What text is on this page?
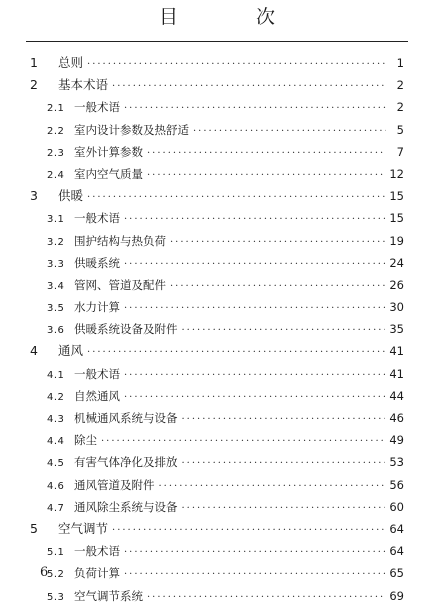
目 次
1	总则 ·····	1
2	基本术语 ·····	2
2.1 一般术语 ·····	2
2.2 室内设计参数及热舒适 ·····	5
2.3 室外计算参数 ·····	7
2.4 室内空气质量 ·····	12
3	供暖 ·····	15
3.1 一般术语 ·····	15
3.2 围护结构与热负荷 ·····	19
3.3 供暖系统 ·····	24
3.4 管网、管道及配件 ·····	26
3.5 水力计算 ·····	30
3.6 供暖系统设备及附件 ·····	35
4	通风 ·····	41
4.1 一般术语 ·····	41
4.2 自然通风 ·····	44
4.3 机械通风系统与设备 ·····	46
4.4 除尘 ·····	49
4.5 有害气体净化及排放 ·····	53
4.6 通风管道及附件 ·····	56
4.7 通风除尘系统与设备 ·····	60
5	空气调节 ·····	64
5.1 一般术语 ·····	64
5.2 负荷计算 ·····	65
5.3 空气调节系统 ·····	69
6
